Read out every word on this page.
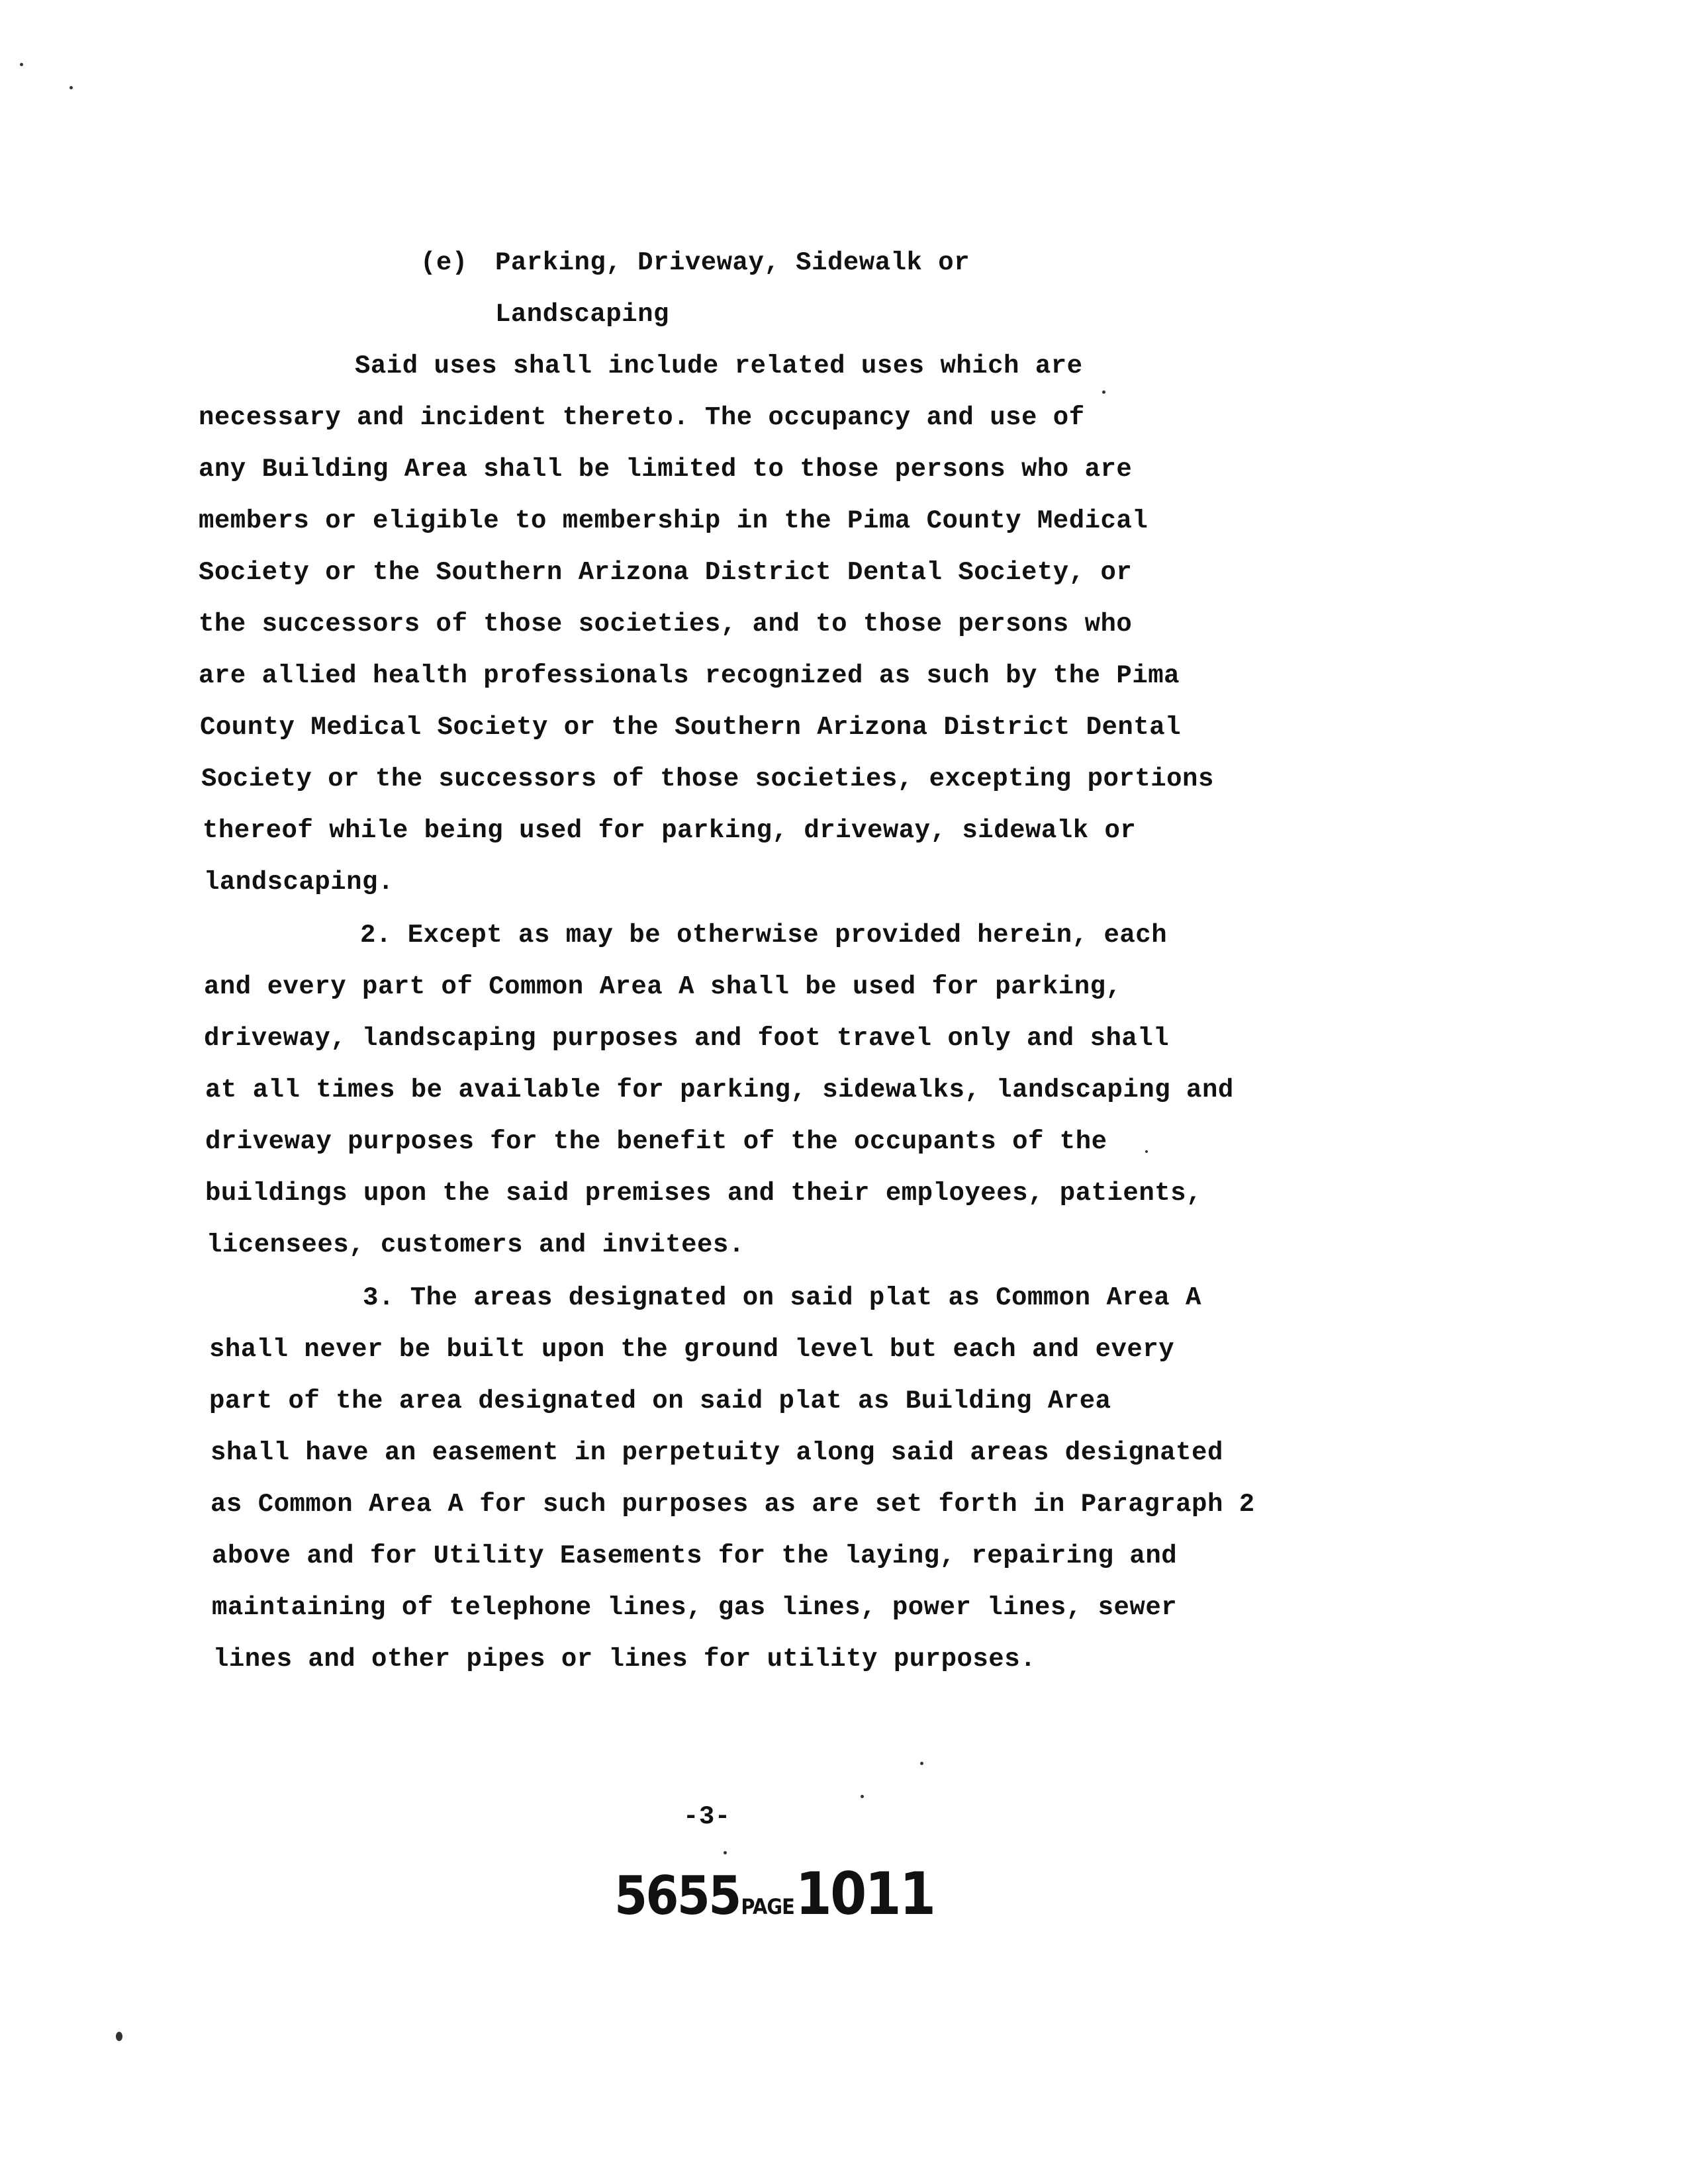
(e) Parking, Driveway, Sidewalk or
Landscaping
Said uses shall include related uses which are
necessary and incident thereto. The occupancy and use of
any Building Area shall be limited to those persons who are
members or eligible to membership in the Pima County Medical
Society or the Southern Arizona District Dental Society, or
the successors of those societies, and to those persons who
are allied health professionals recognized as such by the Pima
County Medical Society or the Southern Arizona District Dental
Society or the successors of those societies, excepting portions
thereof while being used for parking, driveway, sidewalk or
landscaping.
2. Except as may be otherwise provided herein, each
and every part of Common Area A shall be used for parking,
driveway, landscaping purposes and foot travel only and shall
at all times be available for parking, sidewalks, landscaping and
driveway purposes for the benefit of the occupants of the
buildings upon the said premises and their employees, patients,
licensees, customers and invitees.
3. The areas designated on said plat as Common Area A
shall never be built upon the ground level but each and every
part of the area designated on said plat as Building Area
shall have an easement in perpetuity along said areas designated
as Common Area A for such purposes as are set forth in Paragraph 2
above and for Utility Easements for the laying, repairing and
maintaining of telephone lines, gas lines, power lines, sewer
lines and other pipes or lines for utility purposes.
-3-
5655PAGE1011
